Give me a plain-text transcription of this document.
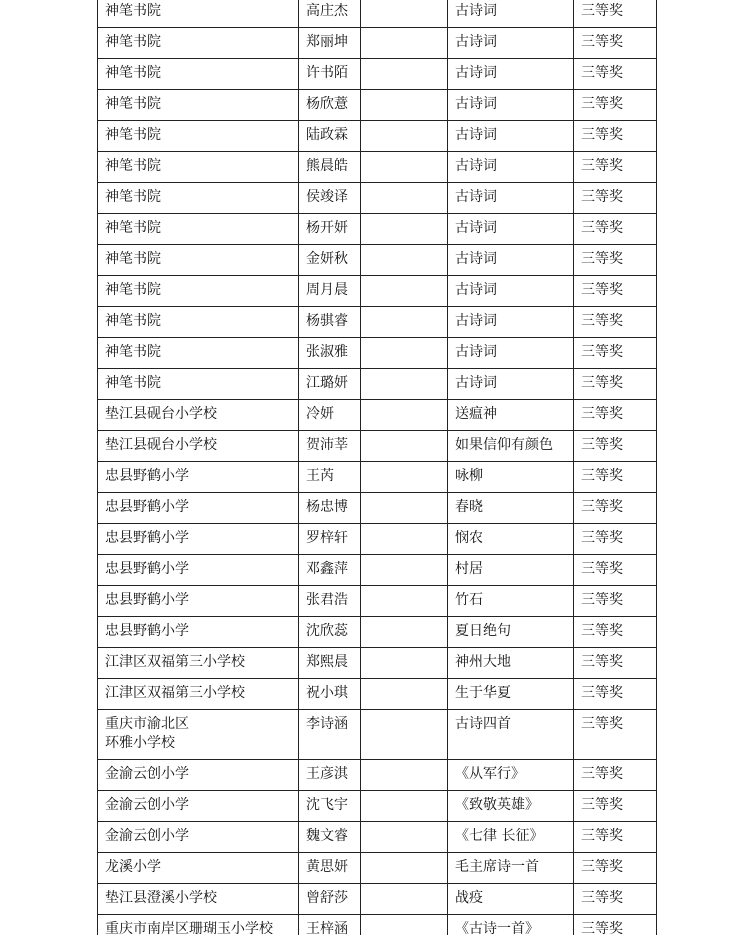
神笔书院	高庄杰		古诗词	三等奖

神笔书院	郑丽坤		古诗词	三等奖

神笔书院	许书陌		古诗词	三等奖

神笔书院	杨欣薏		古诗词	三等奖

神笔书院	陆政霖		古诗词	三等奖

神笔书院	熊晨皓		古诗词	三等奖

神笔书院	侯竣译		古诗词	三等奖

神笔书院	杨开妍		古诗词	三等奖

神笔书院	金妍秋		古诗词	三等奖

神笔书院	周月晨		古诗词	三等奖

神笔书院	杨骐睿		古诗词	三等奖

神笔书院	张淑雅		古诗词	三等奖

神笔书院	江璐妍		古诗词	三等奖

垫江县砚台小学校	冷妍		送瘟神	三等奖

垫江县砚台小学校	贺沛莘		如果信仰有颜色	三等奖

忠县野鹤小学	王芮		咏柳	三等奖

忠县野鹤小学	杨忠博		春晓	三等奖

忠县野鹤小学	罗梓轩		悯农	三等奖

忠县野鹤小学	邓鑫萍		村居	三等奖

忠县野鹤小学	张君浩		竹石	三等奖

忠县野鹤小学	沈欣蕊		夏日绝句	三等奖

江津区双福第三小学校	郑熙晨		神州大地	三等奖

江津区双福第三小学校	祝小琪		生于华夏	三等奖

重庆市渝北区
环雅小学校	李诗涵		古诗四首	三等奖

金渝云创小学	王彦淇		《从军行》	三等奖

金渝云创小学	沈飞宇		《致敬英雄》	三等奖

金渝云创小学	魏文睿		《七律 长征》	三等奖

龙溪小学	黄思妍		毛主席诗一首	三等奖

垫江县澄溪小学校	曾舒莎		战疫	三等奖

重庆市南岸区珊瑚玉小学校	王梓涵		《古诗一首》	三等奖
